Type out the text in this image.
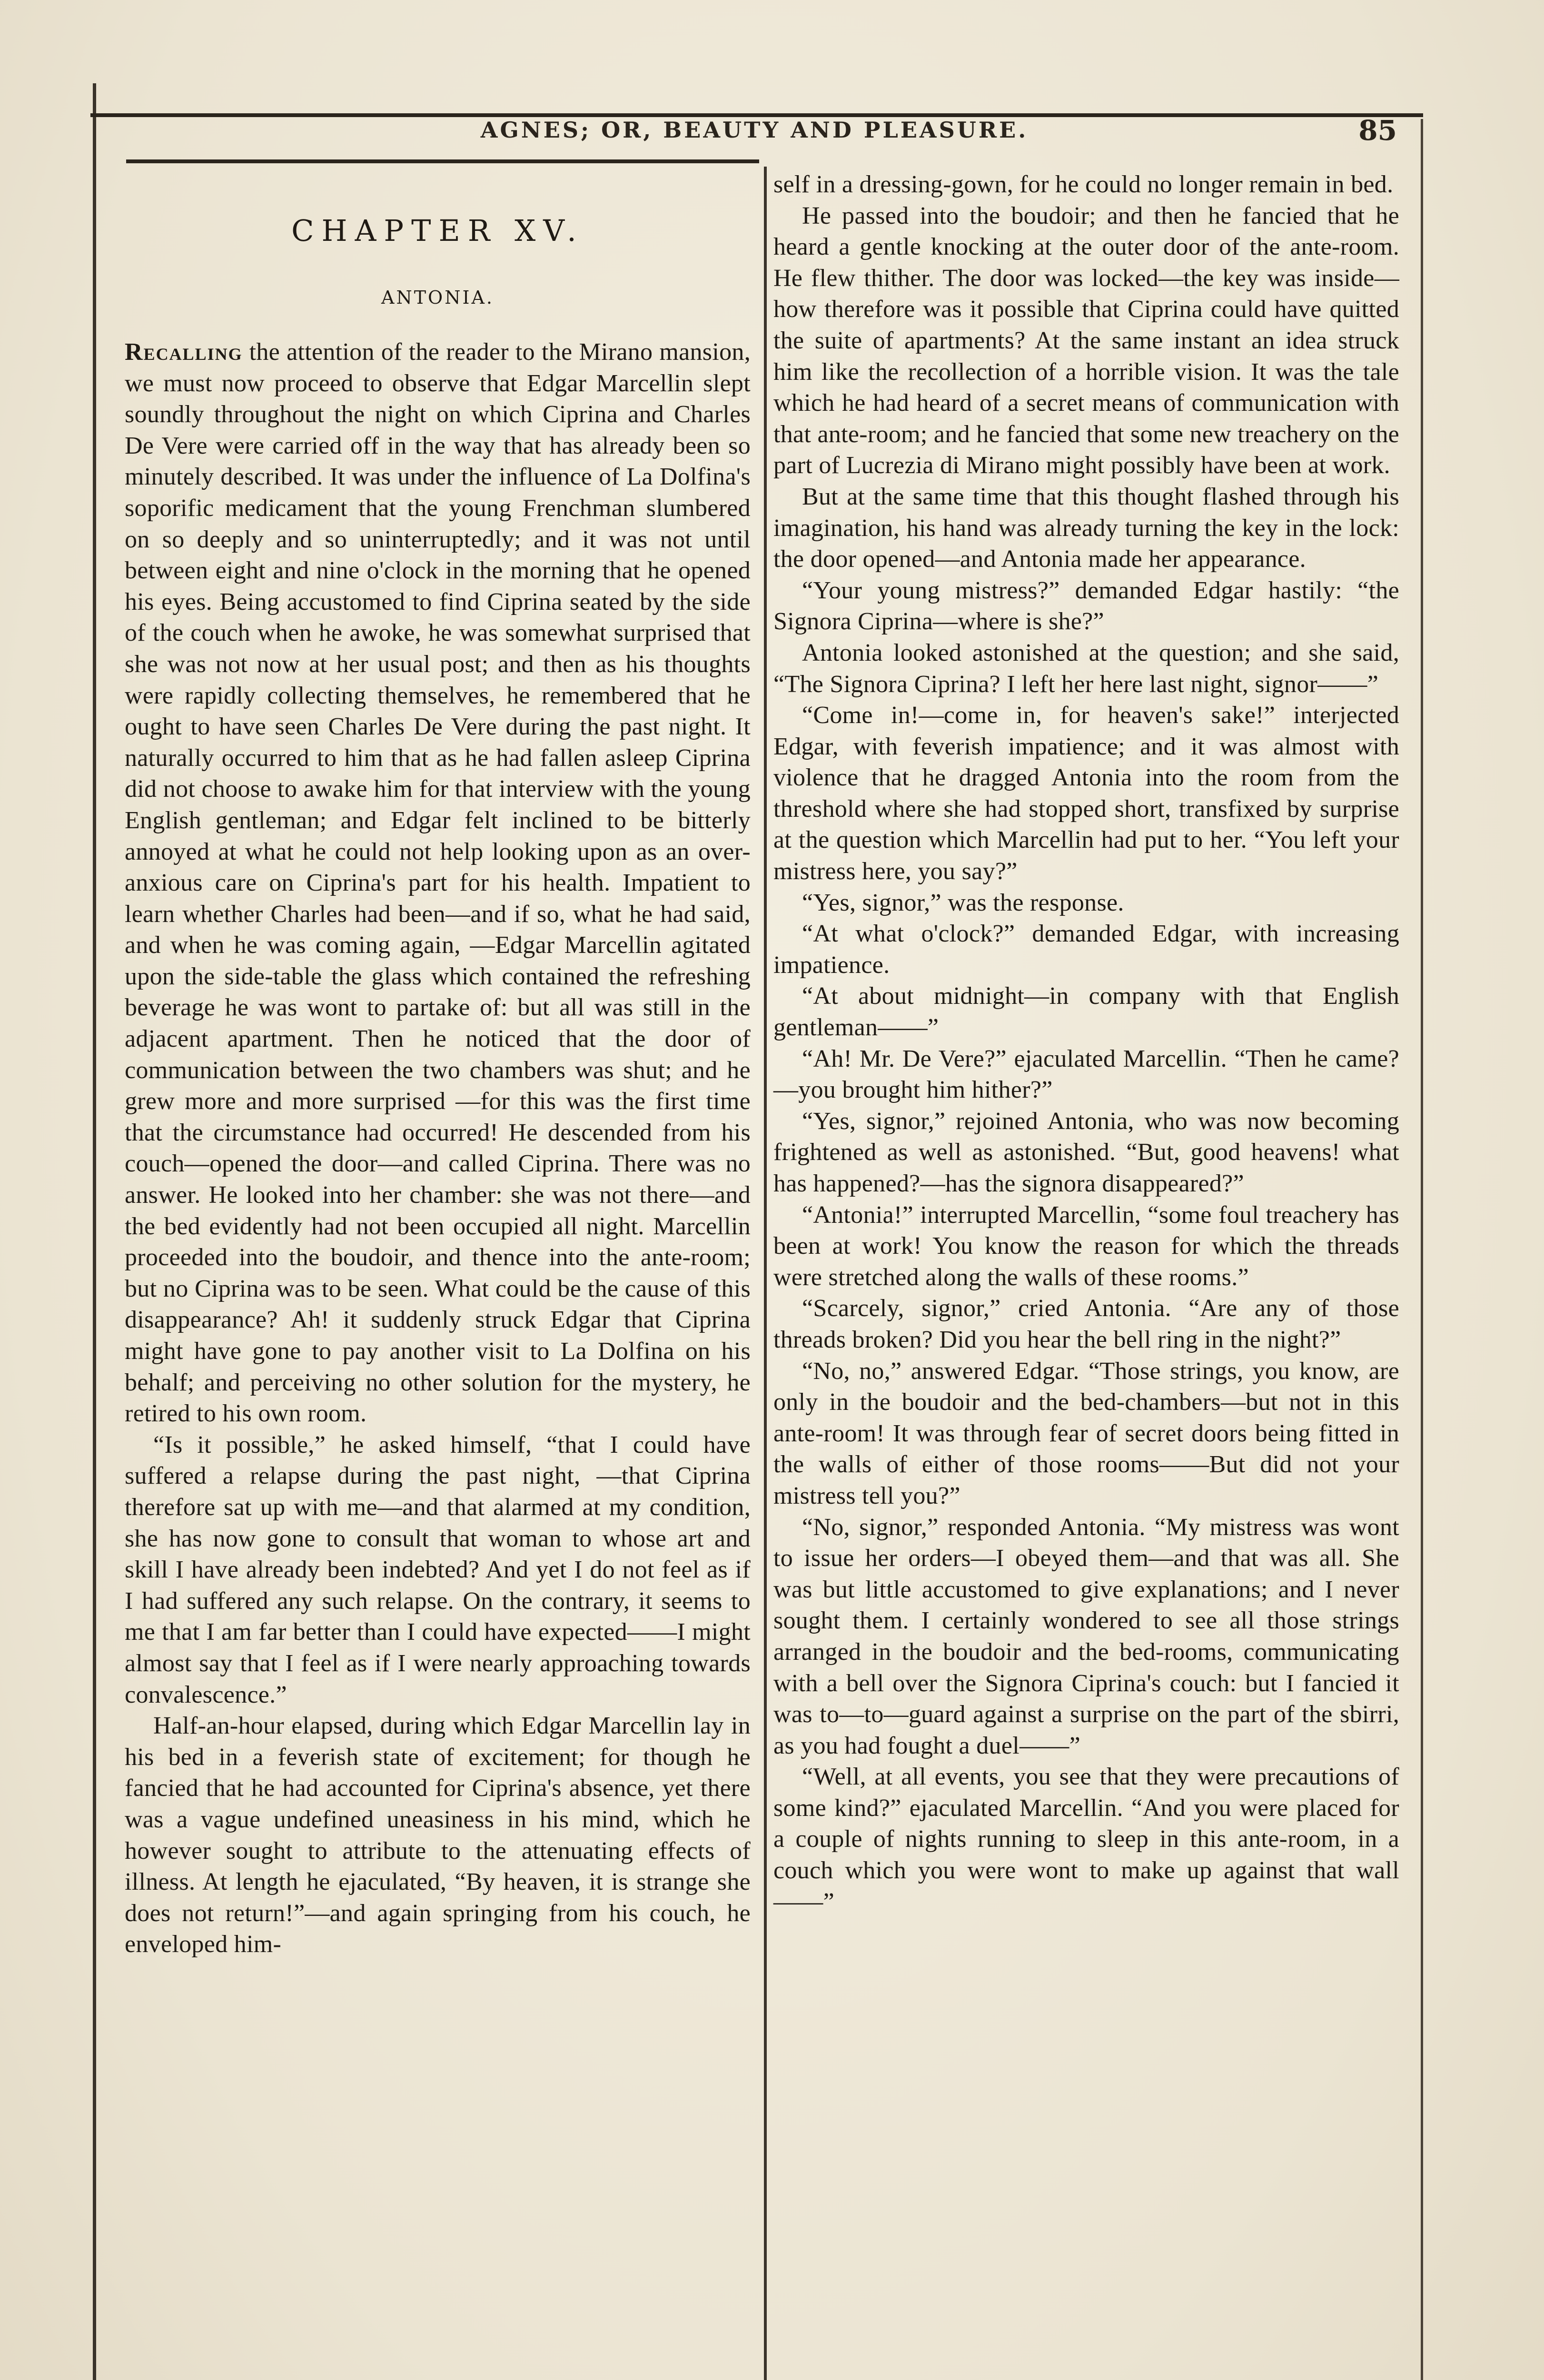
AGNES; OR, BEAUTY AND PLEASURE.	85
CHAPTER XV.
ANTONIA.

Recalling the attention of the reader to the Mirano mansion, we must now proceed to observe that Edgar Marcellin slept soundly throughout the night on which Ciprina and Charles De Vere were carried off in the way that has already been so minutely described. It was under the influence of La Dolfina's soporific medicament that the young Frenchman slumbered on so deeply and so uninterruptedly; and it was not until between eight and nine o'clock in the morning that he opened his eyes. Being accustomed to find Ciprina seated by the side of the couch when he awoke, he was somewhat surprised that she was not now at her usual post; and then as his thoughts were rapidly collecting themselves, he remembered that he ought to have seen Charles De Vere during the past night. It naturally occurred to him that as he had fallen asleep Ciprina did not choose to awake him for that interview with the young English gentleman; and Edgar felt inclined to be bitterly annoyed at what he could not help looking upon as an over-anxious care on Ciprina's part for his health. Impatient to learn whether Charles had been—and if so, what he had said, and when he was coming again, —Edgar Marcellin agitated upon the side-table the glass which contained the refreshing beverage he was wont to partake of: but all was still in the adjacent apartment. Then he noticed that the door of communication between the two chambers was shut; and he grew more and more surprised —for this was the first time that the circumstance had occurred! He descended from his couch—opened the door—and called Ciprina. There was no answer. He looked into her chamber: she was not there—and the bed evidently had not been occupied all night. Marcellin proceeded into the boudoir, and thence into the ante-room; but no Ciprina was to be seen. What could be the cause of this disappearance? Ah! it suddenly struck Edgar that Ciprina might have gone to pay another visit to La Dolfina on his behalf; and perceiving no other solution for the mystery, he retired to his own room.

“Is it possible,” he asked himself, “that I could have suffered a relapse during the past night, —that Ciprina therefore sat up with me—and that alarmed at my condition, she has now gone to consult that woman to whose art and skill I have already been indebted? And yet I do not feel as if I had suffered any such relapse. On the contrary, it seems to me that I am far better than I could have expected——I might almost say that I feel as if I were nearly approaching towards convalescence.”

Half-an-hour elapsed, during which Edgar Marcellin lay in his bed in a feverish state of excitement; for though he fancied that he had accounted for Ciprina's absence, yet there was a vague undefined uneasiness in his mind, which he however sought to attribute to the attenuating effects of illness. At length he ejaculated, “By heaven, it is strange she does not return!”—and again springing from his couch, he enveloped him-

self in a dressing-gown, for he could no longer remain in bed.

He passed into the boudoir; and then he fancied that he heard a gentle knocking at the outer door of the ante-room. He flew thither. The door was locked—the key was inside—how therefore was it possible that Ciprina could have quitted the suite of apartments? At the same instant an idea struck him like the recollection of a horrible vision. It was the tale which he had heard of a secret means of communication with that ante-room; and he fancied that some new treachery on the part of Lucrezia di Mirano might possibly have been at work.

But at the same time that this thought flashed through his imagination, his hand was already turning the key in the lock: the door opened—and Antonia made her appearance.

“Your young mistress?” demanded Edgar hastily: “the Signora Ciprina—where is she?”

Antonia looked astonished at the question; and she said, “The Signora Ciprina? I left her here last night, signor——”

“Come in!—come in, for heaven's sake!” interjected Edgar, with feverish impatience; and it was almost with violence that he dragged Antonia into the room from the threshold where she had stopped short, transfixed by surprise at the question which Marcellin had put to her. “You left your mistress here, you say?”

“Yes, signor,” was the response.

“At what o'clock?” demanded Edgar, with increasing impatience.

“At about midnight—in company with that English gentleman——”

“Ah! Mr. De Vere?” ejaculated Marcellin. “Then he came?—you brought him hither?”

“Yes, signor,” rejoined Antonia, who was now becoming frightened as well as astonished. “But, good heavens! what has happened?—has the signora disappeared?”

“Antonia!” interrupted Marcellin, “some foul treachery has been at work! You know the reason for which the threads were stretched along the walls of these rooms.”

“Scarcely, signor,” cried Antonia. “Are any of those threads broken? Did you hear the bell ring in the night?”

“No, no,” answered Edgar. “Those strings, you know, are only in the boudoir and the bed-chambers—but not in this ante-room! It was through fear of secret doors being fitted in the walls of either of those rooms——But did not your mistress tell you?”

“No, signor,” responded Antonia. “My mistress was wont to issue her orders—I obeyed them—and that was all. She was but little accustomed to give explanations; and I never sought them. I certainly wondered to see all those strings arranged in the boudoir and the bed-rooms, communicating with a bell over the Signora Ciprina's couch: but I fancied it was to—to—guard against a surprise on the part of the sbirri, as you had fought a duel——”

“Well, at all events, you see that they were precautions of some kind?” ejaculated Marcellin. “And you were placed for a couple of nights running to sleep in this ante-room, in a couch which you were wont to make up against that wall——”
